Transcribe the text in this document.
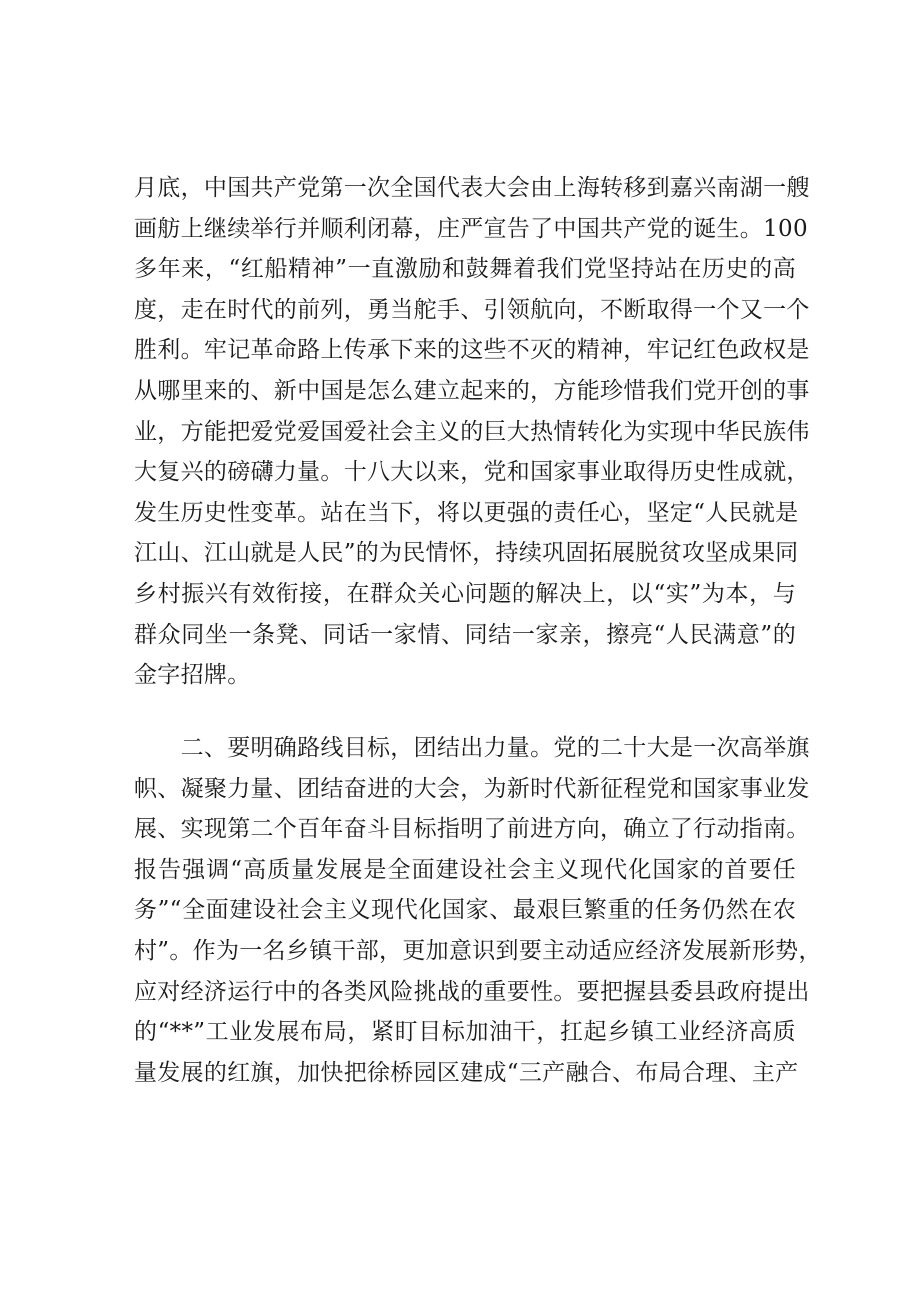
月底，中国共产党第一次全国代表大会由上海转移到嘉兴南湖一艘
画舫上继续举行并顺利闭幕，庄严宣告了中国共产党的诞生。100
多年来，“红船精神”一直激励和鼓舞着我们党坚持站在历史的高
度，走在时代的前列，勇当舵手、引领航向，不断取得一个又一个
胜利。牢记革命路上传承下来的这些不灭的精神，牢记红色政权是
从哪里来的、新中国是怎么建立起来的，方能珍惜我们党开创的事
业，方能把爱党爱国爱社会主义的巨大热情转化为实现中华民族伟
大复兴的磅礴力量。十八大以来，党和国家事业取得历史性成就，
发生历史性变革。站在当下，将以更强的责任心，坚定“人民就是
江山、江山就是人民”的为民情怀，持续巩固拓展脱贫攻坚成果同
乡村振兴有效衔接，在群众关心问题的解决上，以“实”为本，与
群众同坐一条凳、同话一家情、同结一家亲，擦亮“人民满意”的
金字招牌。
　　二、要明确路线目标，团结出力量。党的二十大是一次高举旗
帜、凝聚力量、团结奋进的大会，为新时代新征程党和国家事业发
展、实现第二个百年奋斗目标指明了前进方向，确立了行动指南。
报告强调“高质量发展是全面建设社会主义现代化国家的首要任
务”“全面建设社会主义现代化国家、最艰巨繁重的任务仍然在农
村”。作为一名乡镇干部，更加意识到要主动适应经济发展新形势，
应对经济运行中的各类风险挑战的重要性。要把握县委县政府提出
的“**”工业发展布局，紧盯目标加油干，扛起乡镇工业经济高质
量发展的红旗，加快把徐桥园区建成“三产融合、布局合理、主产
